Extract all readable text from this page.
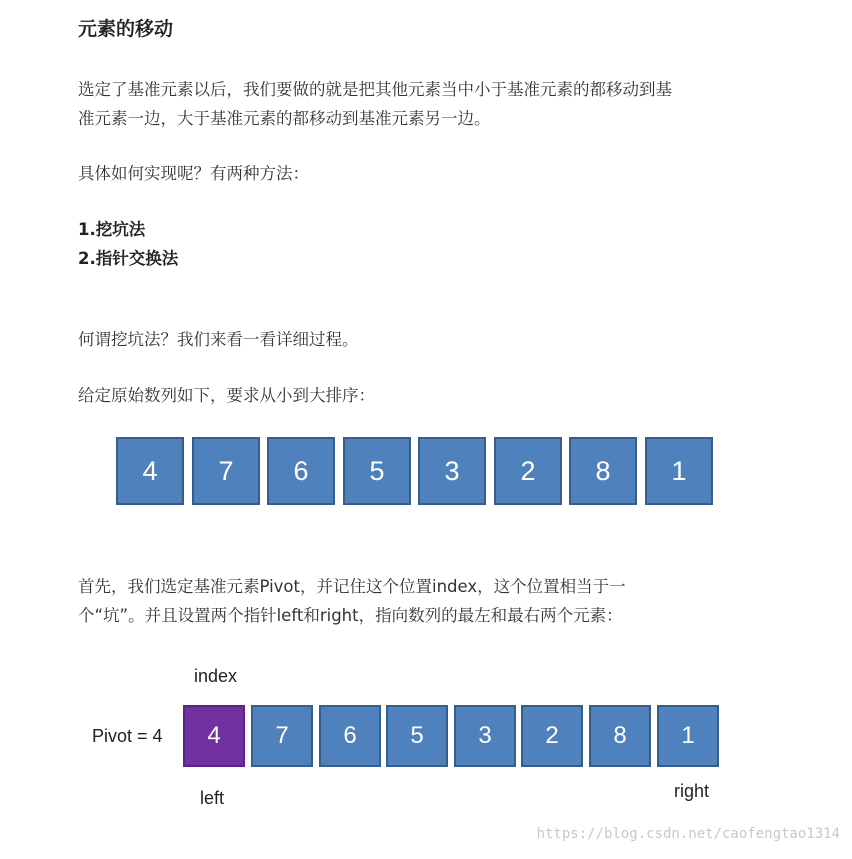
元素的移动

选定了基准元素以后，我们要做的就是把其他元素当中小于基准元素的都移动到基
准元素一边，大于基准元素的都移动到基准元素另一边。

具体如何实现呢？有两种方法：

1.挖坑法
2.指针交换法

何谓挖坑法？我们来看一看详细过程。

给定原始数列如下，要求从小到大排序：

4	7	6	5	3	2	8	1

首先，我们选定基准元素Pivot，并记住这个位置index，这个位置相当于一
个“坑”。并且设置两个指针left和right，指向数列的最左和最右两个元素：

index
Pivot = 4	4	7	6	5	3	2	8	1
left	right
https://blog.csdn.net/caofengtao1314
